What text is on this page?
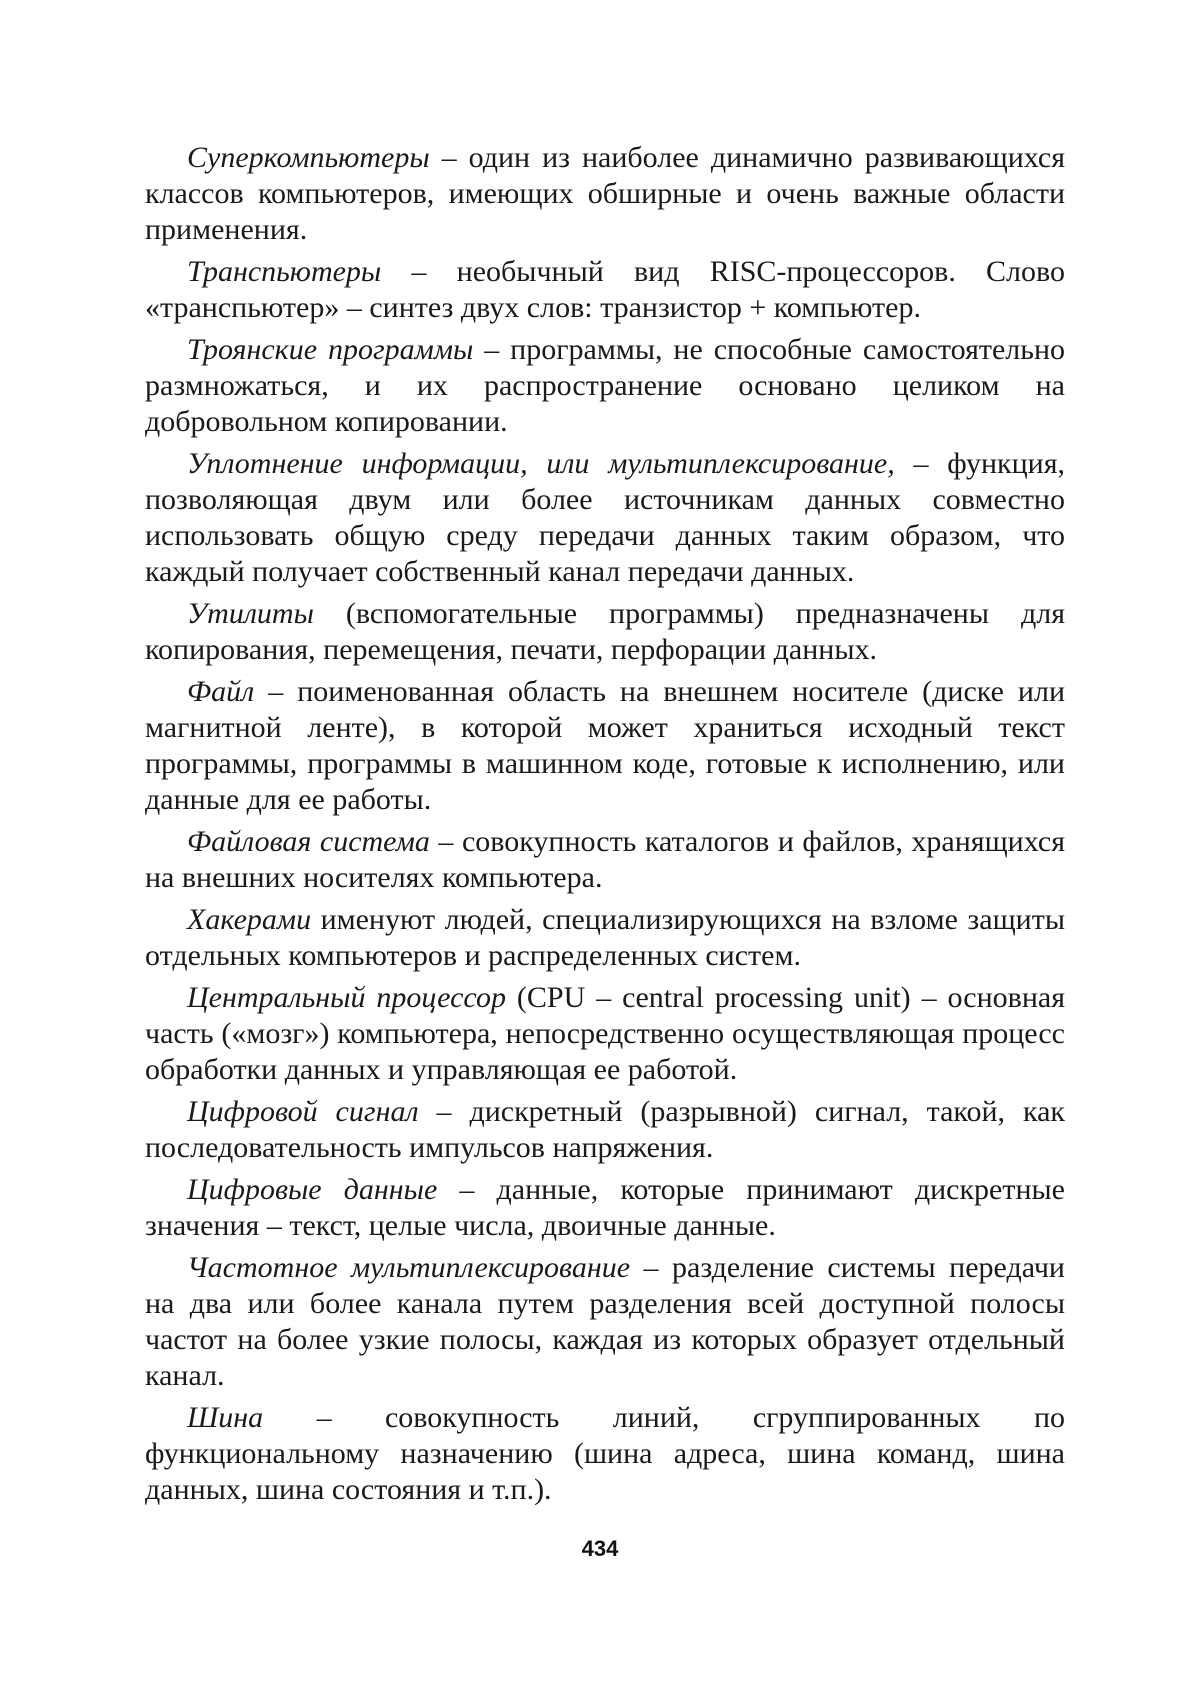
Суперкомпьютеры – один из наиболее динамично развивающихся классов компьютеров, имеющих обширные и очень важные области применения.

Транспьютеры – необычный вид RISC-процессоров. Слово «транспьютер» – синтез двух слов: транзистор + компьютер.

Троянские программы – программы, не способные самостоятельно размножаться, и их распространение основано целиком на добровольном копировании.

Уплотнение информации, или мультиплексирование, – функция, позволяющая двум или более источникам данных совместно использовать общую среду передачи данных таким образом, что каждый получает собственный канал передачи данных.

Утилиты (вспомогательные программы) предназначены для копирования, перемещения, печати, перфорации данных.

Файл – поименованная область на внешнем носителе (диске или магнитной ленте), в которой может храниться исходный текст программы, программы в машинном коде, готовые к исполнению, или данные для ее работы.

Файловая система – совокупность каталогов и файлов, хранящихся на внешних носителях компьютера.

Хакерами именуют людей, специализирующихся на взломе защиты отдельных компьютеров и распределенных систем.

Центральный процессор (CPU – central processing unit) – основная часть («мозг») компьютера, непосредственно осуществляющая процесс обработки данных и управляющая ее работой.

Цифровой сигнал – дискретный (разрывной) сигнал, такой, как последовательность импульсов напряжения.

Цифровые данные – данные, которые принимают дискретные значения – текст, целые числа, двоичные данные.

Частотное мультиплексирование – разделение системы передачи на два или более канала путем разделения всей доступной полосы частот на более узкие полосы, каждая из которых образует отдельный канал.

Шина – совокупность линий, сгруппированных по функциональному назначению (шина адреса, шина команд, шина данных, шина состояния и т.п.).

434
